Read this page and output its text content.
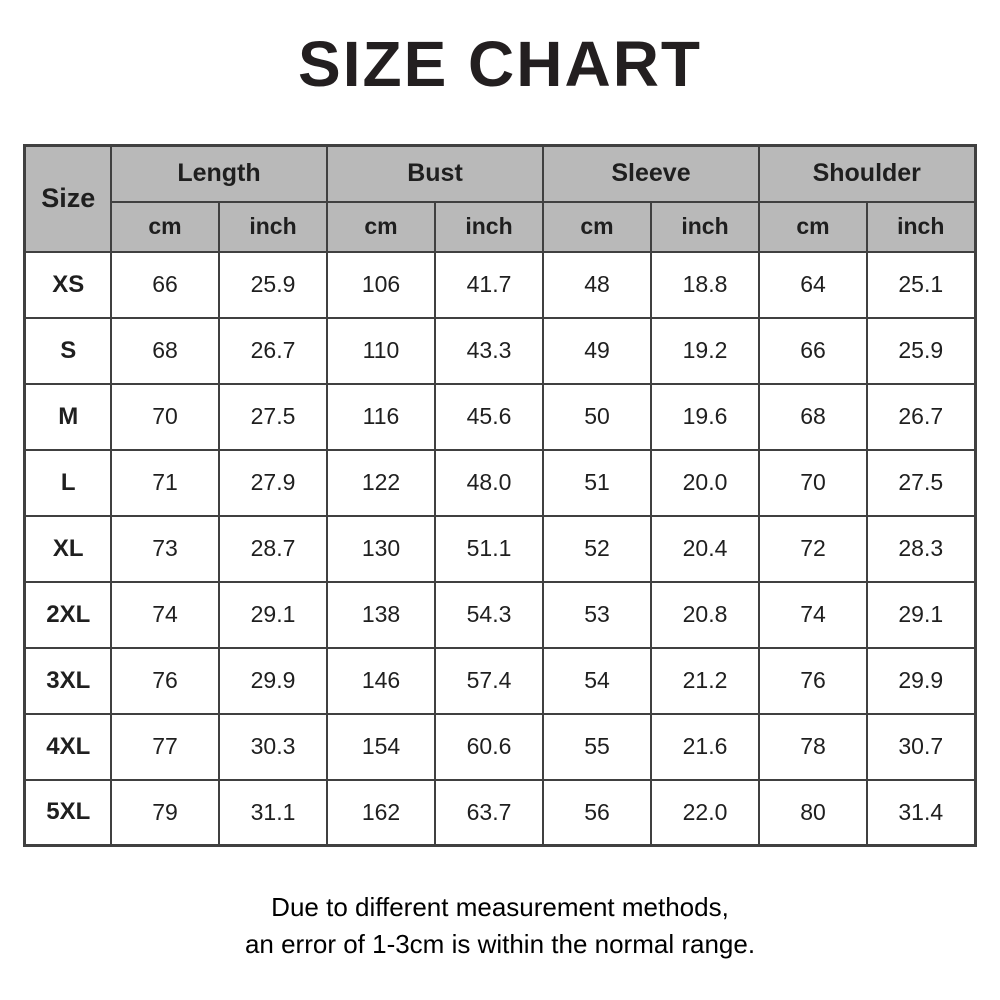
SIZE CHART
Size	Length		Bust		Sleeve		Shoulder	
	cm	inch	cm	inch	cm	inch	cm	inch
XS	66	25.9	106	41.7	48	18.8	64	25.1
S	68	26.7	110	43.3	49	19.2	66	25.9
M	70	27.5	116	45.6	50	19.6	68	26.7
L	71	27.9	122	48.0	51	20.0	70	27.5
XL	73	28.7	130	51.1	52	20.4	72	28.3
2XL	74	29.1	138	54.3	53	20.8	74	29.1
3XL	76	29.9	146	57.4	54	21.2	76	29.9
4XL	77	30.3	154	60.6	55	21.6	78	30.7
5XL	79	31.1	162	63.7	56	22.0	80	31.4
Due to different measurement methods,
an error of 1-3cm is within the normal range.
